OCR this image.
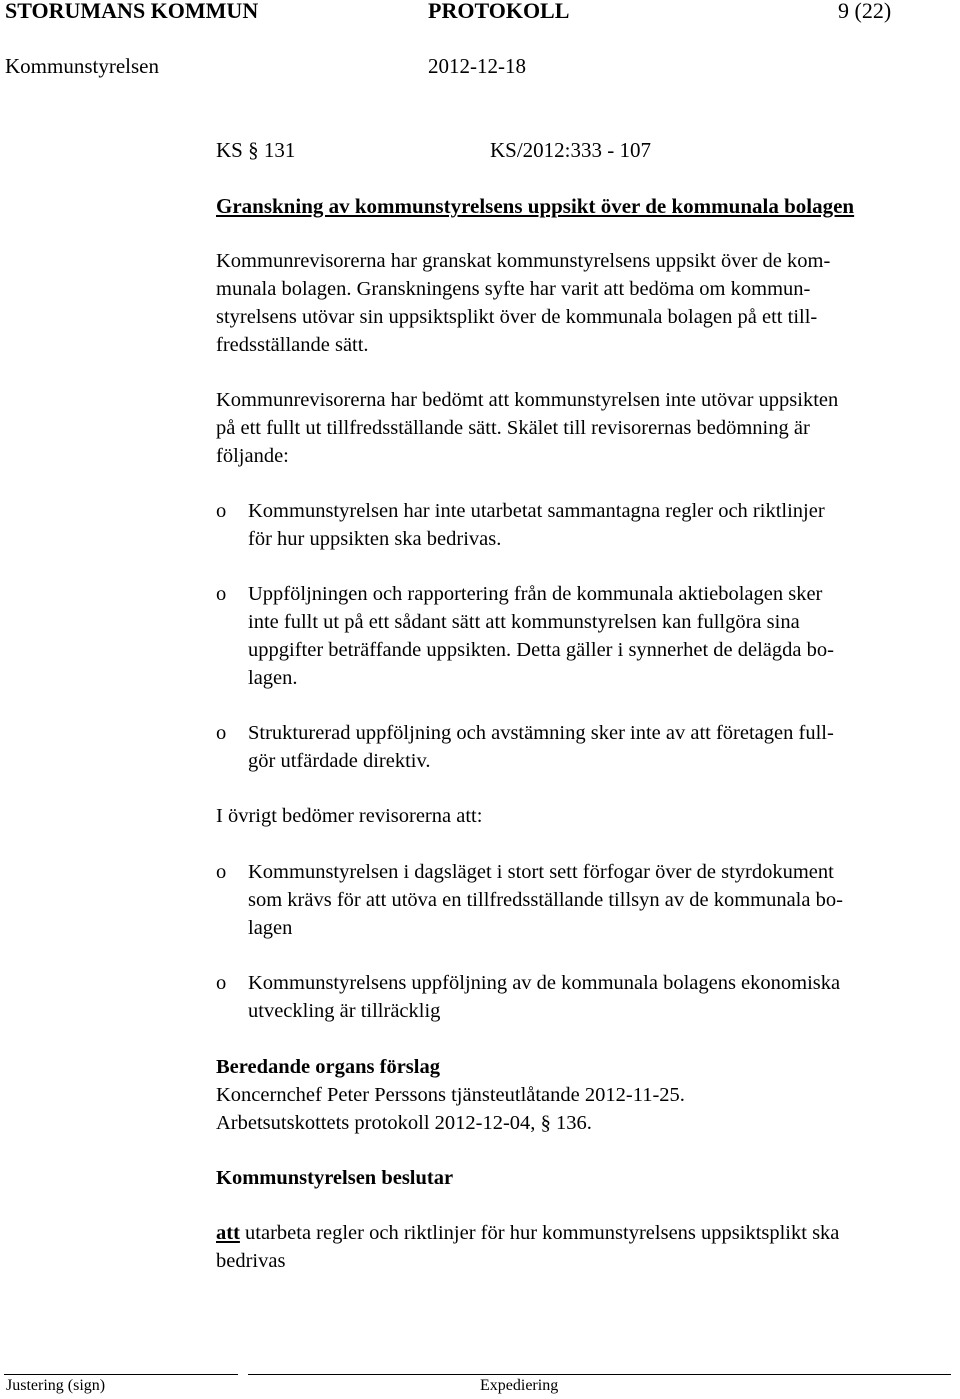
STORUMANS KOMMUN	PROTOKOLL	9 (22)
Kommunstyrelsen	2012-12-18
KS § 131	KS/2012:333 - 107
Granskning av kommunstyrelsens uppsikt över de kommunala bolagen
Kommunrevisorerna har granskat kommunstyrelsens uppsikt över de kom-
munala bolagen. Granskningens syfte har varit att bedöma om kommun-
styrelsens utövar sin uppsiktsplikt över de kommunala bolagen på ett till-
fredsställande sätt.
Kommunrevisorerna har bedömt att kommunstyrelsen inte utövar uppsikten
på ett fullt ut tillfredsställande sätt. Skälet till revisorernas bedömning är
följande:
o Kommunstyrelsen har inte utarbetat sammantagna regler och riktlinjer
för hur uppsikten ska bedrivas.
o Uppföljningen och rapportering från de kommunala aktiebolagen sker
inte fullt ut på ett sådant sätt att kommunstyrelsen kan fullgöra sina
uppgifter beträffande uppsikten. Detta gäller i synnerhet de delägda bo-
lagen.
o Strukturerad uppföljning och avstämning sker inte av att företagen full-
gör utfärdade direktiv.
I övrigt bedömer revisorerna att:
o Kommunstyrelsen i dagsläget i stort sett förfogar över de styrdokument
som krävs för att utöva en tillfredsställande tillsyn av de kommunala bo-
lagen
o Kommunstyrelsens uppföljning av de kommunala bolagens ekonomiska
utveckling är tillräcklig
Beredande organs förslag
Koncernchef Peter Perssons tjänsteutlåtande 2012-11-25.
Arbetsutskottets protokoll 2012-12-04, § 136.
Kommunstyrelsen beslutar
att utarbeta regler och riktlinjer för hur kommunstyrelsens uppsiktsplikt ska
bedrivas
Justering (sign)	Expediering
